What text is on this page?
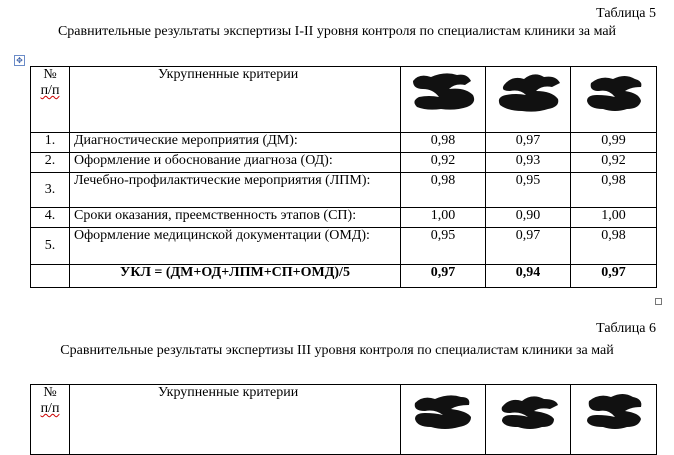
Таблица 5
Сравнительные результаты экспертизы I-II уровня контроля по специалистам клиники за май
✥
№
п/п	Укрупненные критерии	

1.	Диагностические мероприятия (ДМ):	0,98	0,97	0,99
2.	Оформление и обоснование диагноза (ОД):	0,92	0,93	0,92
3.	Лечебно-профилактические мероприятия (ЛПМ):	0,98	0,95	0,98
4.	Сроки оказания, преемственность этапов (СП):	1,00	0,90	1,00
5.	Оформление медицинской документации (ОМД):	0,95	0,97	0,98
	УКЛ = (ДМ+ОД+ЛПМ+СП+ОМД)/5	0,97	0,94	0,97
Таблица 6
Сравнительные результаты экспертизы III уровня контроля по специалистам клиники за май
№
п/п	Укрупненные критерии	
